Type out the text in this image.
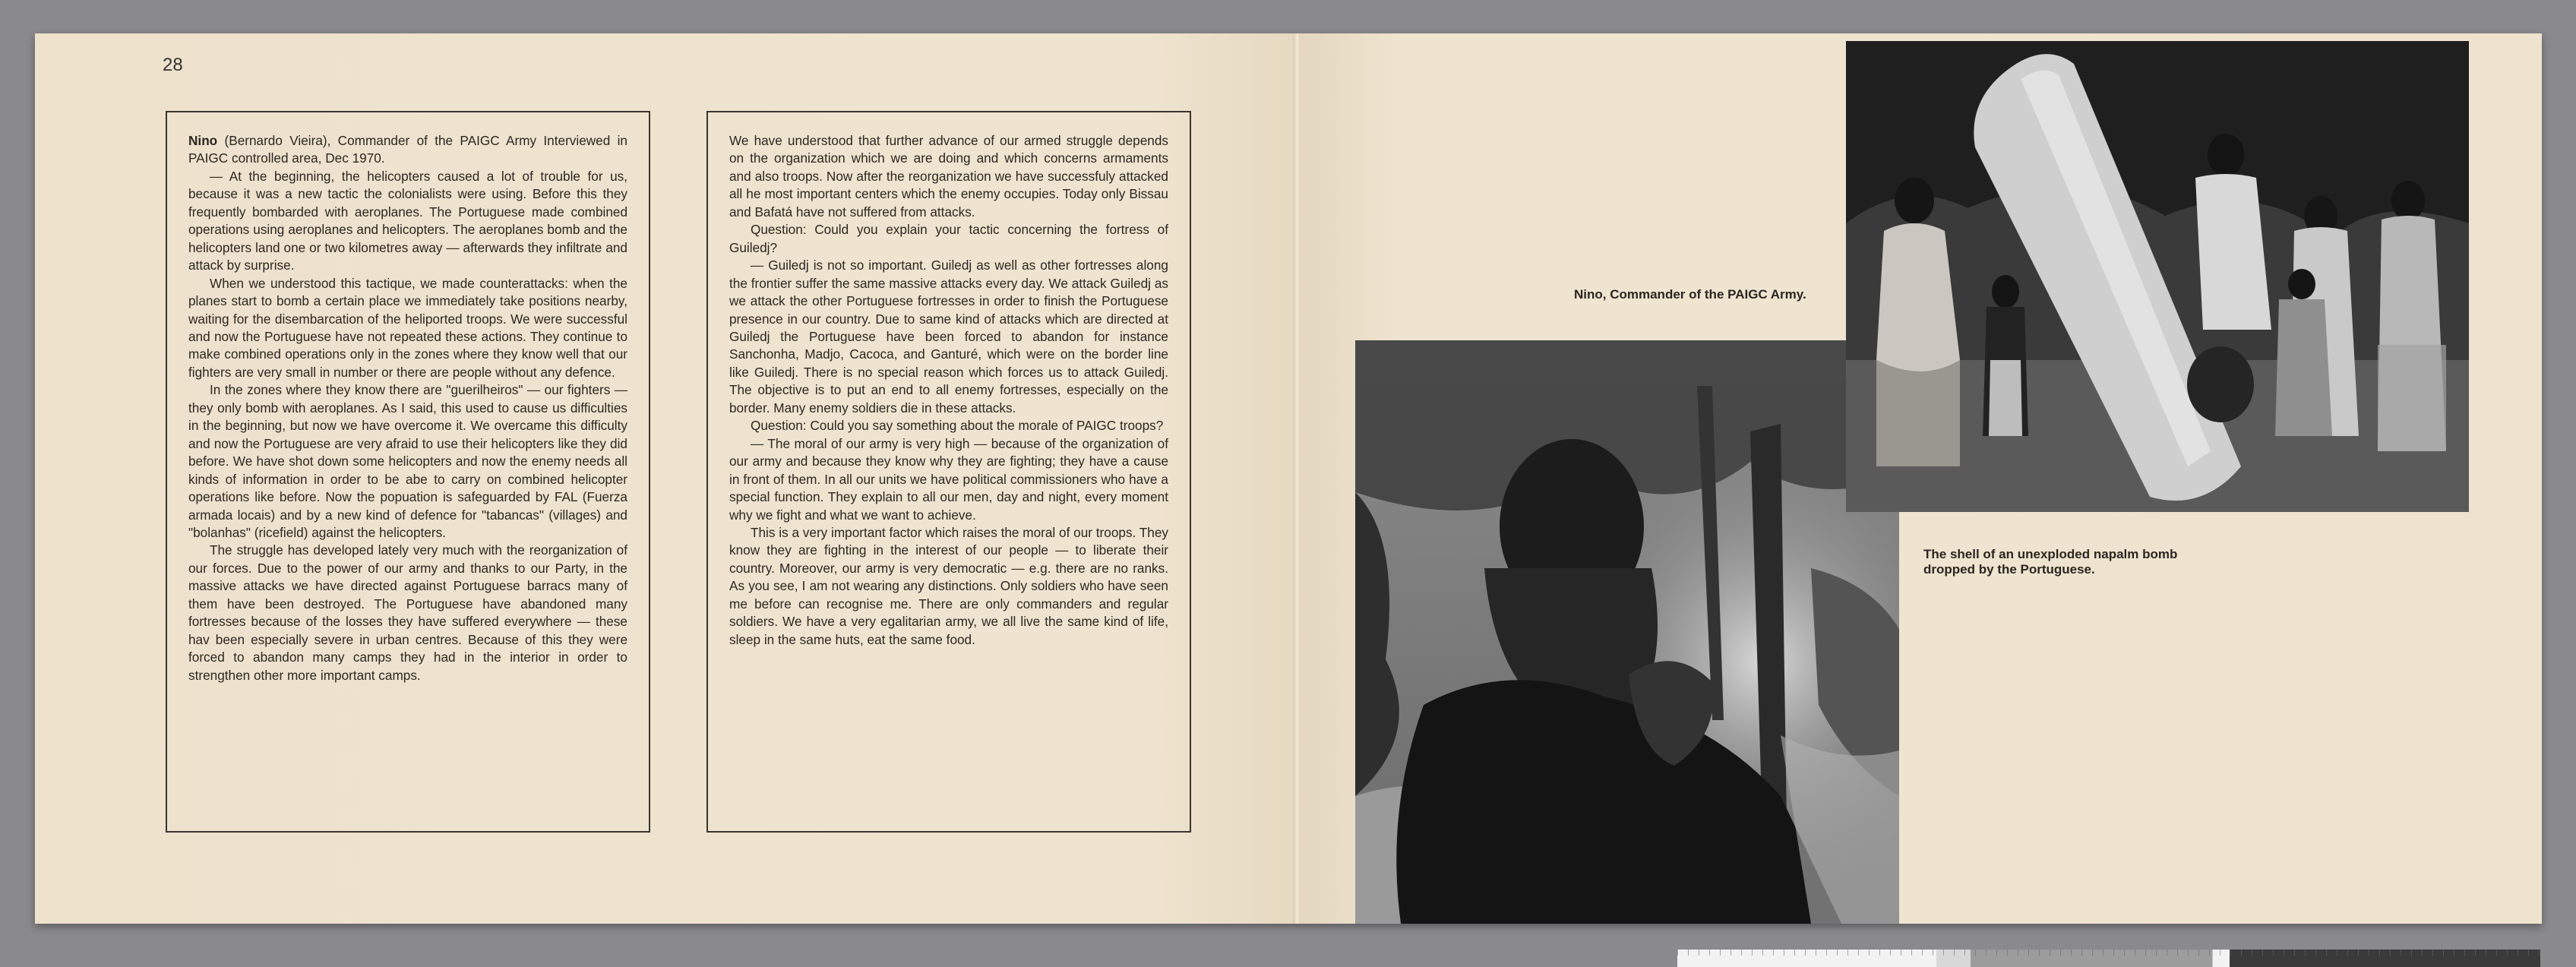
28

Nino (Bernardo Vieira), Commander of the PAIGC Army Interviewed in PAIGC controlled area, Dec 1970.

— At the beginning, the helicopters caused a lot of trouble for us, because it was a new tactic the colonialists were using. Before this they frequently bombarded with aeroplanes. The Portuguese made combined operations using aeroplanes and helicopters. The aeroplanes bomb and the helicopters land one or two kilometres away — afterwards they infiltrate and attack by surprise.

When we understood this tactique, we made counterattacks: when the planes start to bomb a certain place we immediately take positions nearby, waiting for the disembarcation of the heliported troops. We were successful and now the Portuguese have not repeated these actions. They continue to make combined operations only in the zones where they know well that our fighters are very small in number or there are people without any defence.

In the zones where they know there are "guerilheiros" — our fighters — they only bomb with aeroplanes. As I said, this used to cause us difficulties in the beginning, but now we have overcome it. We overcame this difficulty and now the Portuguese are very afraid to use their helicopters like they did before. We have shot down some helicopters and now the enemy needs all kinds of information in order to be abe to carry on combined helicopter operations like before. Now the popuation is safeguarded by FAL (Fuerza armada locais) and by a new kind of defence for "tabancas" (villages) and "bolanhas" (ricefield) against the helicopters.

The struggle has developed lately very much with the reorganization of our forces. Due to the power of our army and thanks to our Party, in the massive attacks we have directed against Portuguese barracs many of them have been destroyed. The Portuguese have abandoned many fortresses because of the losses they have suffered everywhere — these hav been especially severe in urban centres. Because of this they were forced to abandon many camps they had in the interior in order to strengthen other more important camps.

We have understood that further advance of our armed struggle depends on the organization which we are doing and which concerns armaments and also troops. Now after the reorganization we have successfuly attacked all he most important centers which the enemy occupies. Today only Bissau and Bafatá have not suffered from attacks.

Question: Could you explain your tactic concerning the fortress of Guiledj?

— Guiledj is not so important. Guiledj as well as other fortresses along the frontier suffer the same massive attacks every day. We attack Guiledj as we attack the other Portuguese fortresses in order to finish the Portuguese presence in our country. Due to same kind of attacks which are directed at Guiledj the Portuguese have been forced to abandon for instance Sanchonha, Madjo, Cacoca, and Ganturé, which were on the border line like Guiledj. There is no special reason which forces us to attack Guiledj. The objective is to put an end to all enemy fortresses, especially on the border. Many enemy soldiers die in these attacks.

Question: Could you say something about the morale of PAIGC troops?

— The moral of our army is very high — because of the organization of our army and because they know why they are fighting; they have a cause in front of them. In all our units we have political commissioners who have a special function. They explain to all our men, day and night, every moment why we fight and what we want to achieve.

This is a very important factor which raises the moral of our troops. They know they are fighting in the interest of our people — to liberate their country. Moreover, our army is very democratic — e.g. there are no ranks. As you see, I am not wearing any distinctions. Only soldiers who have seen me before can recognise me. There are only commanders and regular soldiers. We have a very egalitarian army, we all live the same kind of life, sleep in the same huts, eat the same food.

Nino, Commander of the PAIGC Army.
The shell of an unexploded napalm bomb dropped by the Portuguese.
